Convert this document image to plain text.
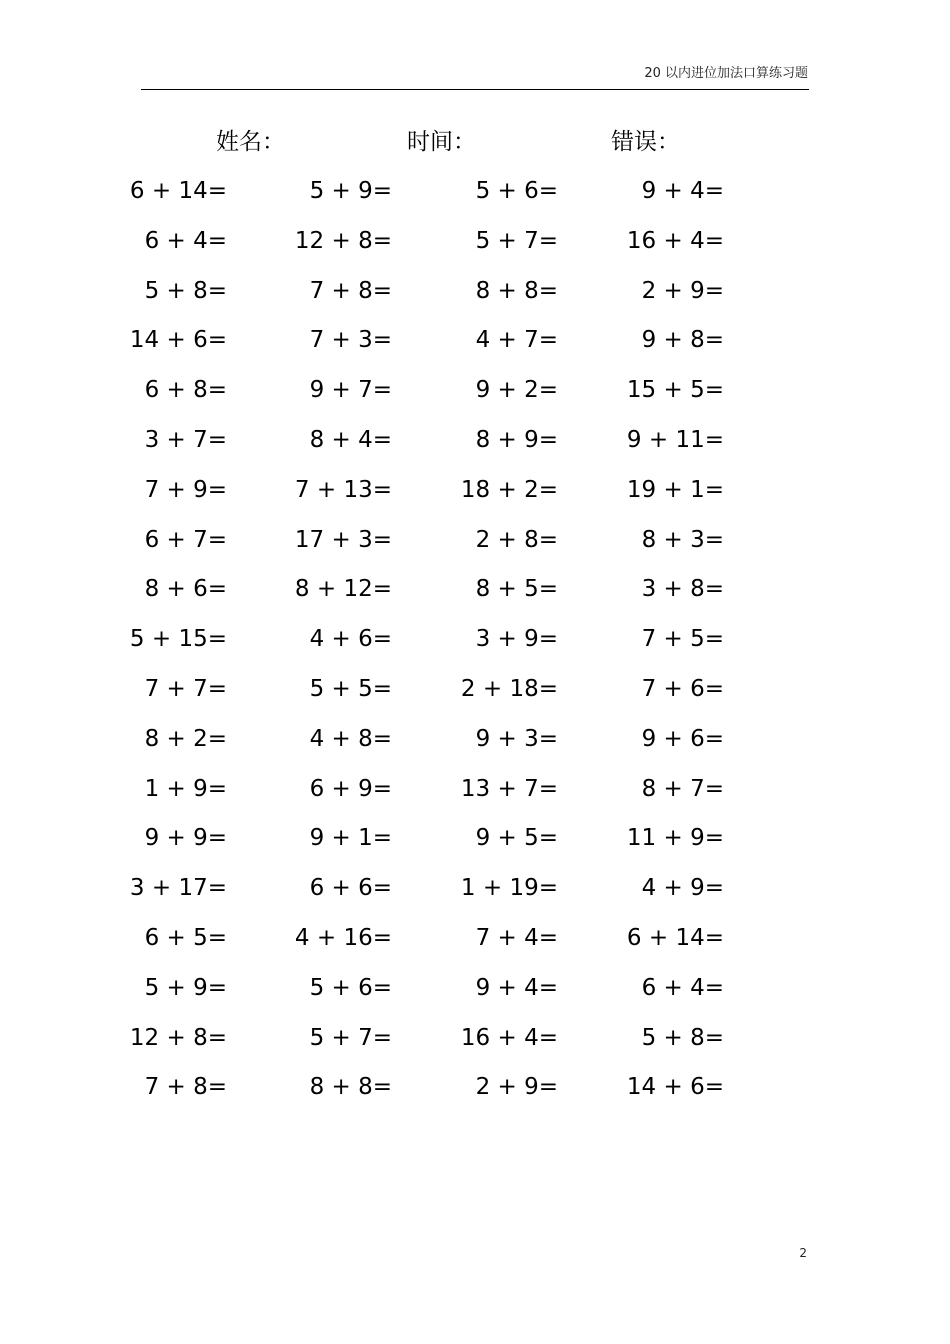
20 以内进位加法口算练习题
姓名：	时间：	错误：
6 + 14=	5 + 9=	5 + 6=	9 + 4=
6 + 4=	12 + 8=	5 + 7=	16 + 4=
5 + 8=	7 + 8=	8 + 8=	2 + 9=
14 + 6=	7 + 3=	4 + 7=	9 + 8=
6 + 8=	9 + 7=	9 + 2=	15 + 5=
3 + 7=	8 + 4=	8 + 9=	9 + 11=
7 + 9=	7 + 13=	18 + 2=	19 + 1=
6 + 7=	17 + 3=	2 + 8=	8 + 3=
8 + 6=	8 + 12=	8 + 5=	3 + 8=
5 + 15=	4 + 6=	3 + 9=	7 + 5=
7 + 7=	5 + 5=	2 + 18=	7 + 6=
8 + 2=	4 + 8=	9 + 3=	9 + 6=
1 + 9=	6 + 9=	13 + 7=	8 + 7=
9 + 9=	9 + 1=	9 + 5=	11 + 9=
3 + 17=	6 + 6=	1 + 19=	4 + 9=
6 + 5=	4 + 16=	7 + 4=	6 + 14=
5 + 9=	5 + 6=	9 + 4=	6 + 4=
12 + 8=	5 + 7=	16 + 4=	5 + 8=
7 + 8=	8 + 8=	2 + 9=	14 + 6=
2
